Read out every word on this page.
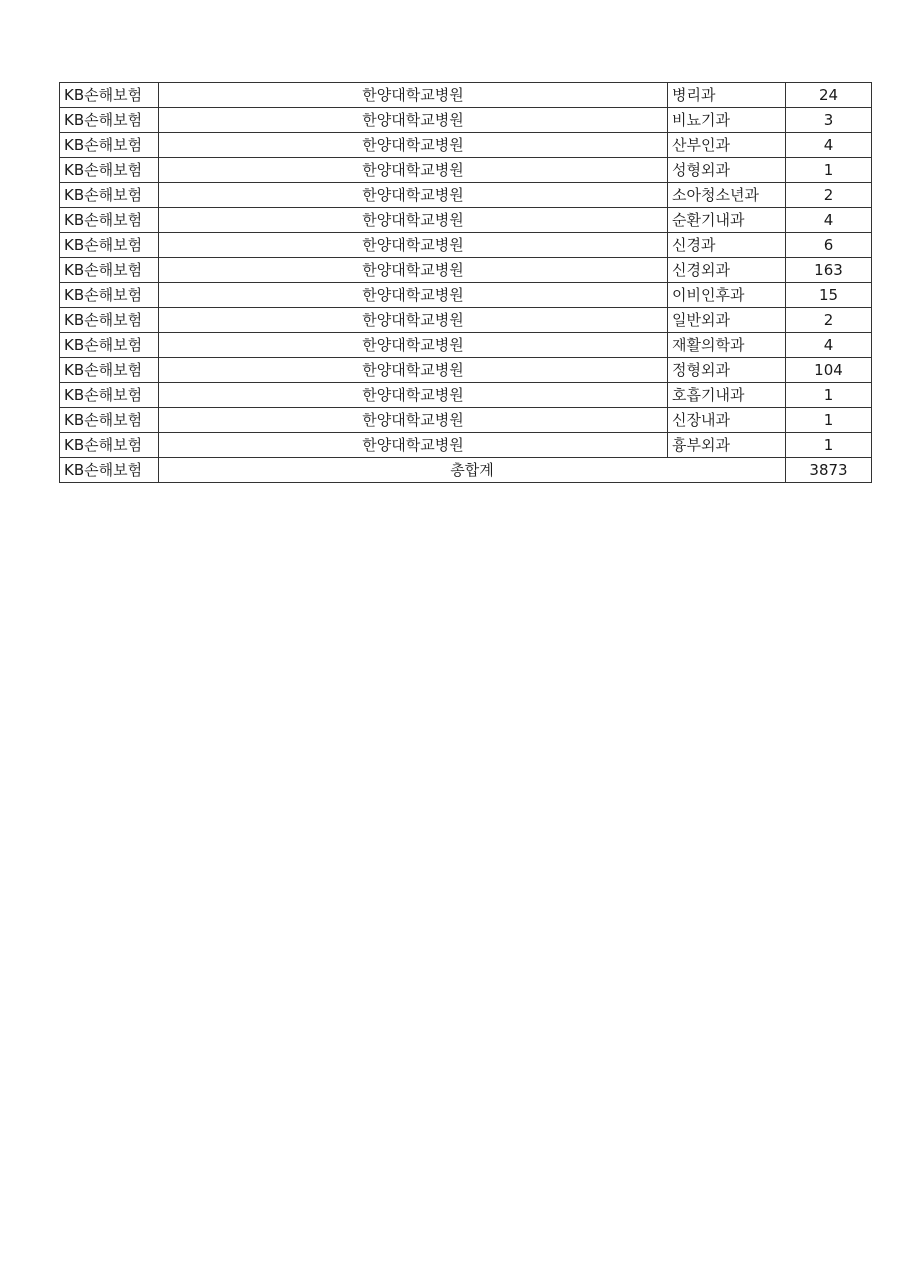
KB손해보험	한양대학교병원	병리과	24
KB손해보험	한양대학교병원	비뇨기과	3
KB손해보험	한양대학교병원	산부인과	4
KB손해보험	한양대학교병원	성형외과	1
KB손해보험	한양대학교병원	소아청소년과	2
KB손해보험	한양대학교병원	순환기내과	4
KB손해보험	한양대학교병원	신경과	6
KB손해보험	한양대학교병원	신경외과	163
KB손해보험	한양대학교병원	이비인후과	15
KB손해보험	한양대학교병원	일반외과	2
KB손해보험	한양대학교병원	재활의학과	4
KB손해보험	한양대학교병원	정형외과	104
KB손해보험	한양대학교병원	호흡기내과	1
KB손해보험	한양대학교병원	신장내과	1
KB손해보험	한양대학교병원	흉부외과	1
KB손해보험	총합계		3873
